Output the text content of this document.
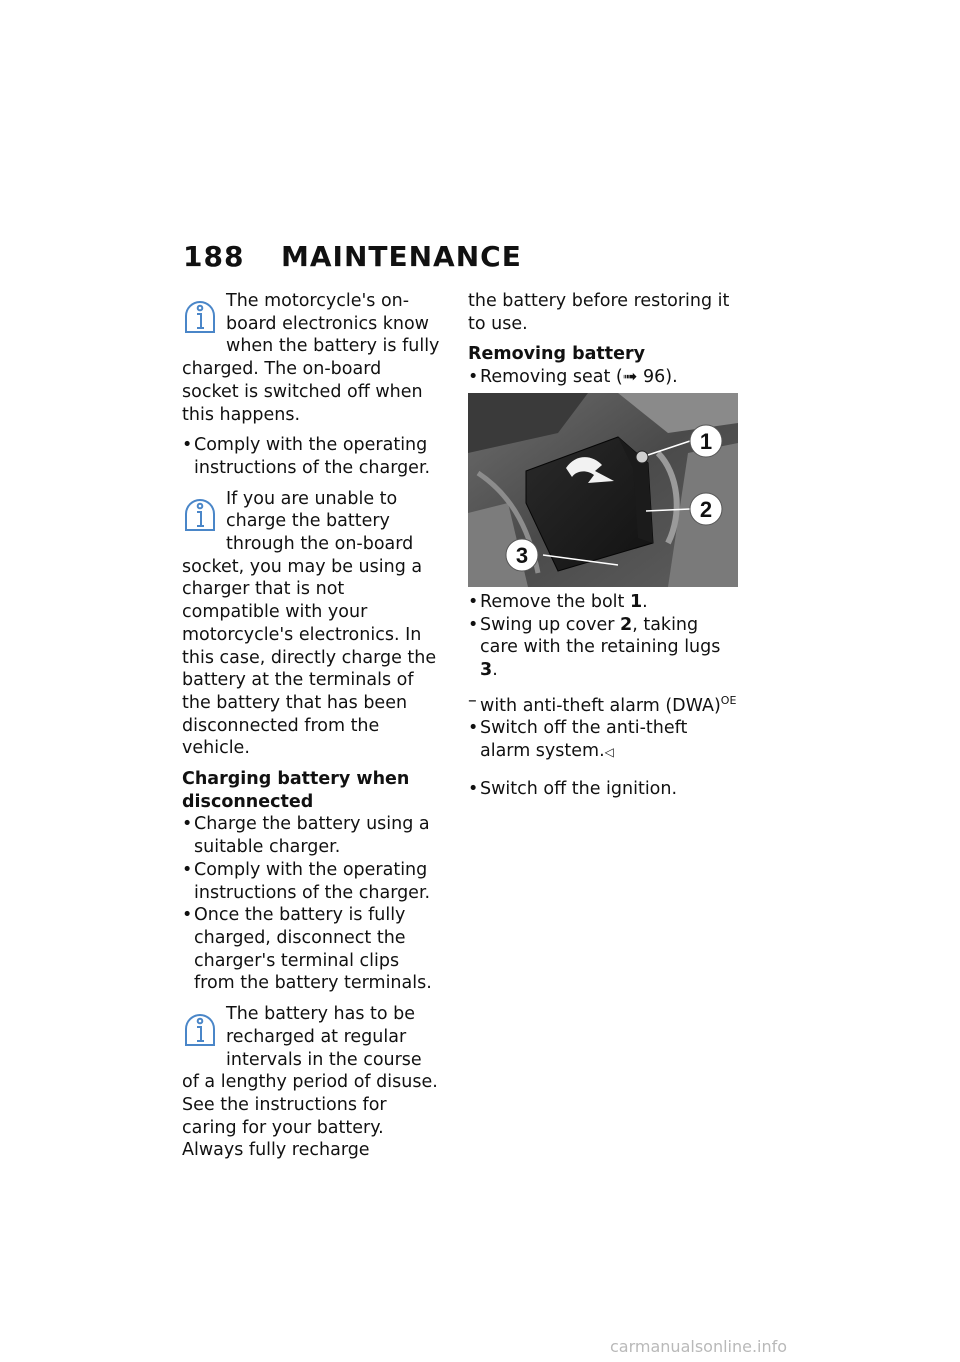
188 MAINTENANCE

The motorcycle's on-board electronics know when the battery is fully charged. The on-board socket is switched off when this happens.

• Comply with the operating instructions of the charger.

If you are unable to charge the battery through the on-board socket, you may be using a charger that is not compatible with your motorcycle's electronics. In this case, directly charge the battery at the terminals of the battery that has been disconnected from the vehicle.

Charging battery when disconnected

• Charge the battery using a suitable charger.

• Comply with the operating instructions of the charger.

• Once the battery is fully charged, disconnect the charger's terminal clips from the battery terminals.

The battery has to be recharged at regular intervals in the course of a lengthy period of disuse. See the instructions for caring for your battery. Always fully recharge

the battery before restoring it to use.

Removing battery

• Removing seat (➟ 96).

1
2
3

• Remove the bolt 1.

• Swing up cover 2, taking care with the retaining lugs 3.

– with anti-theft alarm (DWA)$^{OE}$

• Switch off the anti-theft alarm system.◁

• Switch off the ignition.

carmanualsonline.info
